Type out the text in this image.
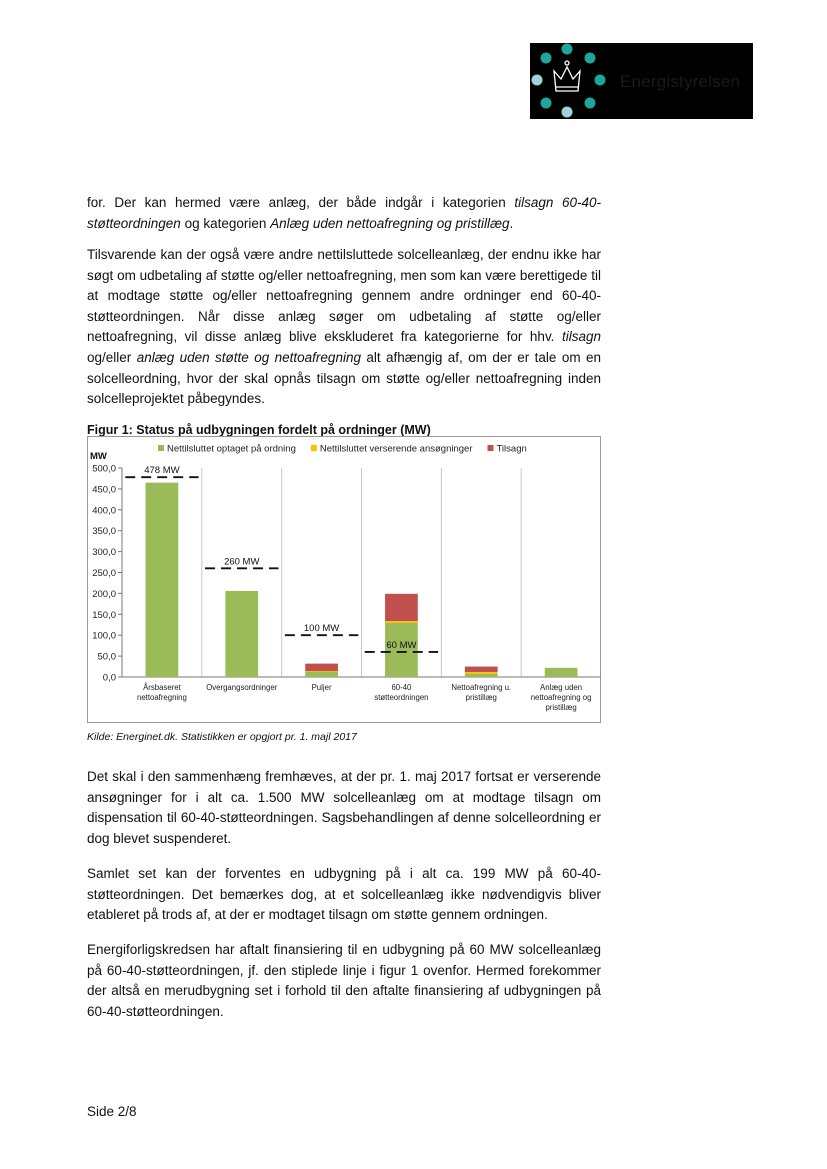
Energistyrelsen

for. Der kan hermed være anlæg, der både indgår i kategorien tilsagn 60-40-støtteordningen og kategorien Anlæg uden nettoafregning og pristillæg.

Tilsvarende kan der også være andre nettilsluttede solcelleanlæg, der endnu ikke har søgt om udbetaling af støtte og/eller nettoafregning, men som kan være berettigede til at modtage støtte og/eller nettoafregning gennem andre ordninger end 60-40-støtteordningen. Når disse anlæg søger om udbetaling af støtte og/eller nettoafregning, vil disse anlæg blive ekskluderet fra kategorierne for hhv. tilsagn og/eller anlæg uden støtte og nettoafregning alt afhængig af, om der er tale om en solcelleordning, hvor der skal opnås tilsagn om støtte og/eller nettoafregning inden solcelleprojektet påbegyndes.

Figur 1: Status på udbygningen fordelt på ordninger (MW)
MW
Nettilsluttet optaget på ordning	Nettilsluttet verserende ansøgninger	Tilsagn
0,0
50,0
100,0
150,0
200,0
250,0
300,0
350,0
400,0
450,0
500,0
Årsbaseret
nettoafregning
Overgangsordninger	Puljer	60-40
støtteordningen
Nettoafregning u.
pristillæg
Anlæg uden
nettoafregning og
pristillæg
478 MW
260 MW
100 MW
60 MW
Kilde: Energinet.dk. Statistikken er opgjort pr. 1. majl 2017

Det skal i den sammenhæng fremhæves, at der pr. 1. maj 2017 fortsat er verserende ansøgninger for i alt ca. 1.500 MW solcelleanlæg om at modtage tilsagn om dispensation til 60-40-støtteordningen. Sagsbehandlingen af denne solcelleordning er dog blevet suspenderet.

Samlet set kan der forventes en udbygning på i alt ca. 199 MW på 60-40-støtteordningen. Det bemærkes dog, at et solcelleanlæg ikke nødvendigvis bliver etableret på trods af, at der er modtaget tilsagn om støtte gennem ordningen.

Energiforligskredsen har aftalt finansiering til en udbygning på 60 MW solcelleanlæg på 60-40-støtteordningen, jf. den stiplede linje i figur 1 ovenfor. Hermed forekommer der altså en merudbygning set i forhold til den aftalte finansiering af udbygningen på 60-40-støtteordningen.

Side 2/8
